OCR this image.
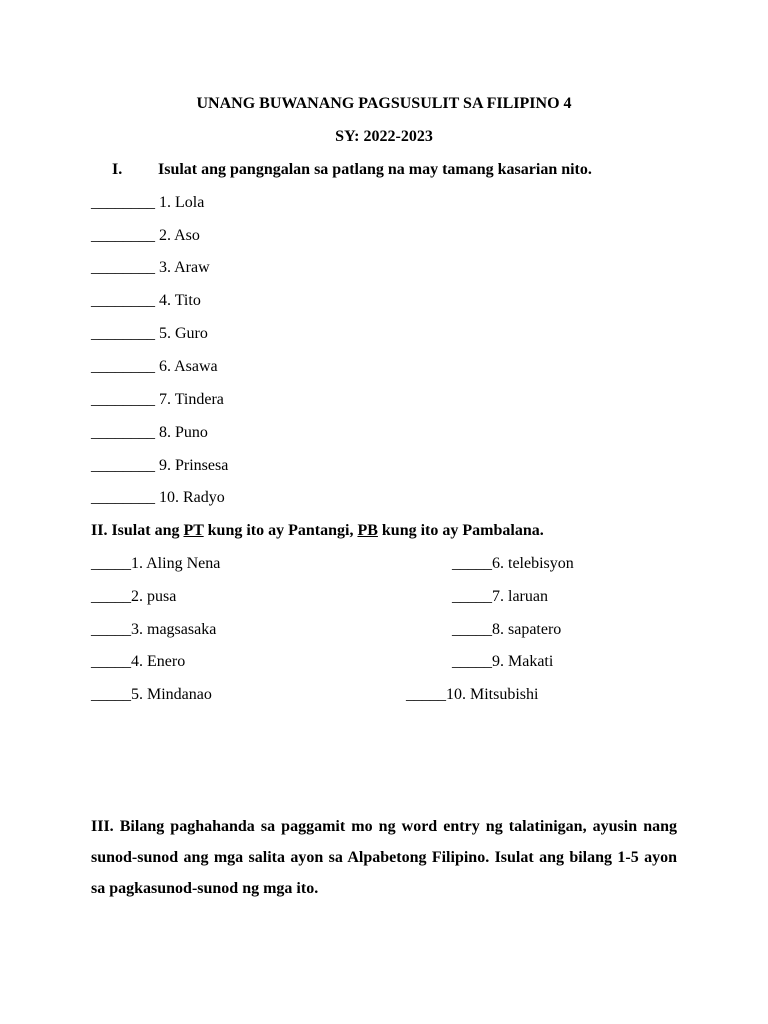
UNANG BUWANANG PAGSUSULIT SA FILIPINO 4
SY: 2022-2023
I. Isulat ang pangngalan sa patlang na may tamang kasarian nito.
________ 1. Lola
________ 2. Aso
________ 3. Araw
________ 4. Tito
________ 5. Guro
________ 6. Asawa
________ 7. Tindera
________ 8. Puno
________ 9. Prinsesa
________ 10. Radyo
II. Isulat ang PT kung ito ay Pantangi, PB kung ito ay Pambalana.
_____1. Aling Nena
_____2. pusa
_____3. magsasaka
_____4. Enero
_____5. Mindanao
_____6. telebisyon
_____7. laruan
_____8. sapatero
_____9. Makati
_____10. Mitsubishi
III. Bilang paghahanda sa paggamit mo ng word entry ng talatinigan, ayusin nang sunod-sunod ang mga salita ayon sa Alpabetong Filipino. Isulat ang bilang 1-5 ayon sa pagkasunod-sunod ng mga ito.
